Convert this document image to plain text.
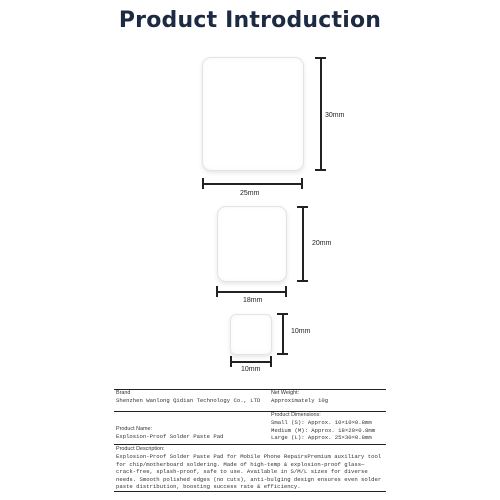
Product Introduction
30mm
25mm
20mm
18mm
10mm
10mm
Brand
Shenzhen Wanlong Qidian Technology Co., LTD
Net Weight:
Approximately 10g
Product Name:
Explosion-Proof Solder Paste Pad
Product Dimensions:
Small (S): Approx. 10×10×0.8mm
Medium (M): Approx. 18×20×0.8mm
Large (L): Approx. 25×30×0.8mm
Product Description:
Explosion-Proof Solder Paste Pad for Mobile Phone RepairsPremium auxiliary tool for chip/motherboard soldering. Made of high-temp & explosion-proof glass—crack-free, splash-proof, safe to use. Available in S/M/L sizes for diverse needs. Smooth polished edges (no cuts), anti-bulging design ensures even solder paste distribution, boosting success rate & efficiency.
